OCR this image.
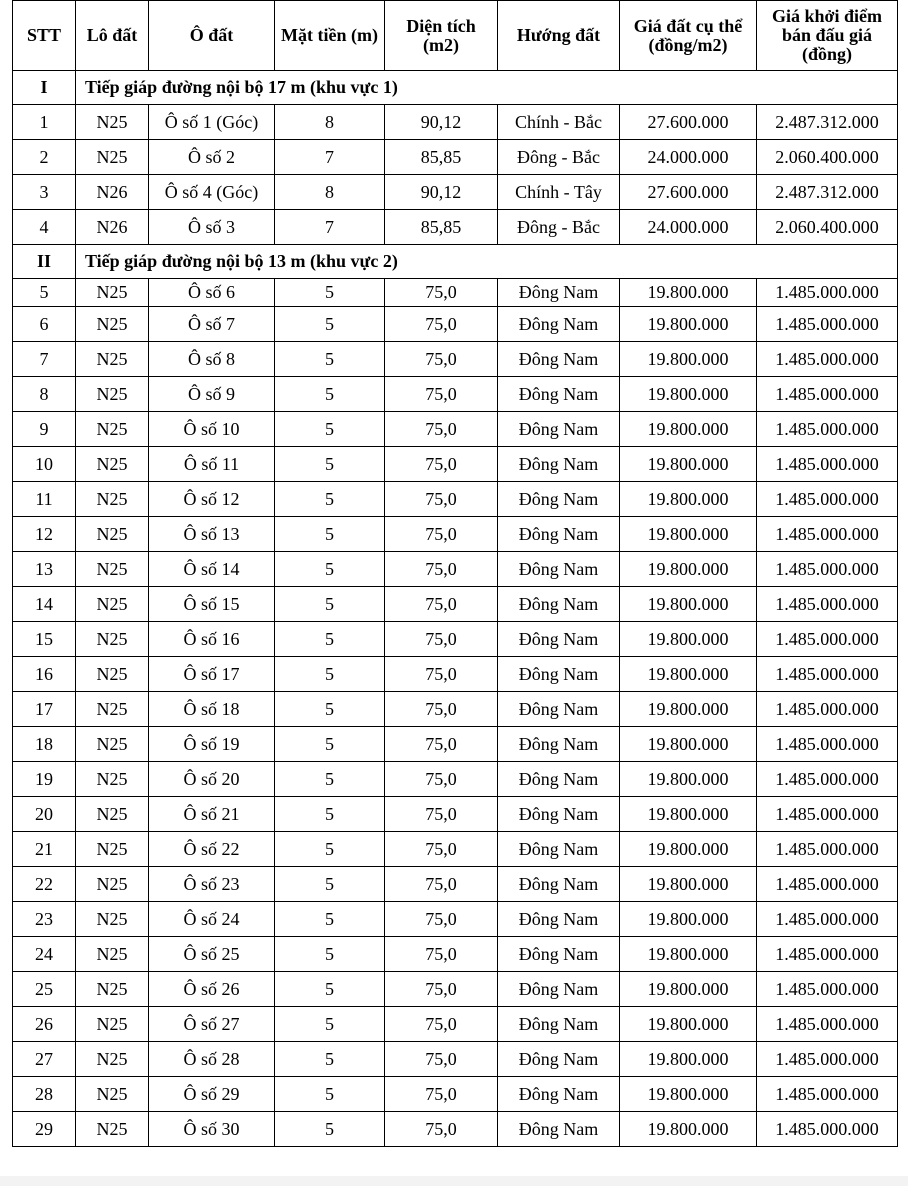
STT	Lô đất	Ô đất	Mặt tiền (m)	Diện tích (m2)	Hướng đất	Giá đất cụ thể (đồng/m2)	Giá khởi điểm bán đấu giá (đồng)
I	Tiếp giáp đường nội bộ 17 m (khu vực 1)						
1	N25	Ô số 1 (Góc)	8	90,12	Chính - Bắc	27.600.000	2.487.312.000
2	N25	Ô số 2	7	85,85	Đông - Bắc	24.000.000	2.060.400.000
3	N26	Ô số 4 (Góc)	8	90,12	Chính - Tây	27.600.000	2.487.312.000
4	N26	Ô số 3	7	85,85	Đông - Bắc	24.000.000	2.060.400.000
II	Tiếp giáp đường nội bộ 13 m (khu vực 2)						
5	N25	Ô số 6	5	75,0	Đông Nam	19.800.000	1.485.000.000
6	N25	Ô số 7	5	75,0	Đông Nam	19.800.000	1.485.000.000
7	N25	Ô số 8	5	75,0	Đông Nam	19.800.000	1.485.000.000
8	N25	Ô số 9	5	75,0	Đông Nam	19.800.000	1.485.000.000
9	N25	Ô số 10	5	75,0	Đông Nam	19.800.000	1.485.000.000
10	N25	Ô số 11	5	75,0	Đông Nam	19.800.000	1.485.000.000
11	N25	Ô số 12	5	75,0	Đông Nam	19.800.000	1.485.000.000
12	N25	Ô số 13	5	75,0	Đông Nam	19.800.000	1.485.000.000
13	N25	Ô số 14	5	75,0	Đông Nam	19.800.000	1.485.000.000
14	N25	Ô số 15	5	75,0	Đông Nam	19.800.000	1.485.000.000
15	N25	Ô số 16	5	75,0	Đông Nam	19.800.000	1.485.000.000
16	N25	Ô số 17	5	75,0	Đông Nam	19.800.000	1.485.000.000
17	N25	Ô số 18	5	75,0	Đông Nam	19.800.000	1.485.000.000
18	N25	Ô số 19	5	75,0	Đông Nam	19.800.000	1.485.000.000
19	N25	Ô số 20	5	75,0	Đông Nam	19.800.000	1.485.000.000
20	N25	Ô số 21	5	75,0	Đông Nam	19.800.000	1.485.000.000
21	N25	Ô số 22	5	75,0	Đông Nam	19.800.000	1.485.000.000
22	N25	Ô số 23	5	75,0	Đông Nam	19.800.000	1.485.000.000
23	N25	Ô số 24	5	75,0	Đông Nam	19.800.000	1.485.000.000
24	N25	Ô số 25	5	75,0	Đông Nam	19.800.000	1.485.000.000
25	N25	Ô số 26	5	75,0	Đông Nam	19.800.000	1.485.000.000
26	N25	Ô số 27	5	75,0	Đông Nam	19.800.000	1.485.000.000
27	N25	Ô số 28	5	75,0	Đông Nam	19.800.000	1.485.000.000
28	N25	Ô số 29	5	75,0	Đông Nam	19.800.000	1.485.000.000
29	N25	Ô số 30	5	75,0	Đông Nam	19.800.000	1.485.000.000
